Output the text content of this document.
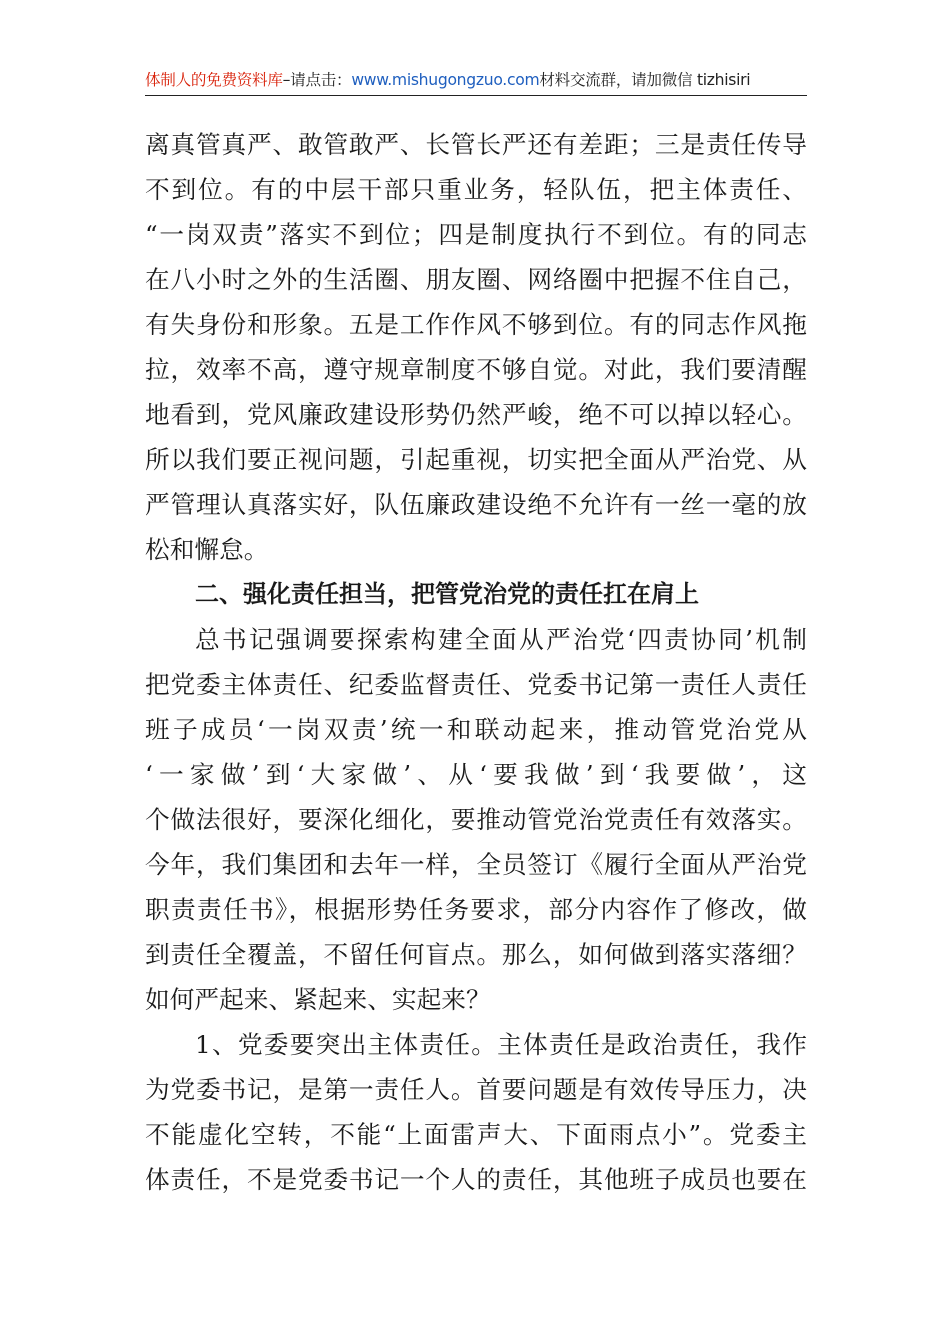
体制人的免费资料库–请点击：www.mishugongzuo.com材料交流群，请加微信 tizhisiri
离真管真严、敢管敢严、长管长严还有差距；三是责任传导
不到位。有的中层干部只重业务，轻队伍，把主体责任、
“一岗双责”落实不到位；四是制度执行不到位。有的同志
在八小时之外的生活圈、朋友圈、网络圈中把握不住自己，
有失身份和形象。五是工作作风不够到位。有的同志作风拖
拉，效率不高，遵守规章制度不够自觉。对此，我们要清醒
地看到，党风廉政建设形势仍然严峻，绝不可以掉以轻心。
所以我们要正视问题，引起重视，切实把全面从严治党、从
严管理认真落实好，队伍廉政建设绝不允许有一丝一毫的放
松和懈怠。
二、强化责任担当，把管党治党的责任扛在肩上
总书记强调要探索构建全面从严治党‘四责协同’机制
把党委主体责任、纪委监督责任、党委书记第一责任人责任
班子成员‘一岗双责’统一和联动起来，推动管党治党从
‘一家做’到‘大家做’、从‘要我做’到‘我要做’，这
个做法很好，要深化细化，要推动管党治党责任有效落实。
今年，我们集团和去年一样，全员签订《履行全面从严治党
职责责任书》，根据形势任务要求，部分内容作了修改，做
到责任全覆盖，不留任何盲点。那么，如何做到落实落细？
如何严起来、紧起来、实起来？
1、党委要突出主体责任。主体责任是政治责任，我作
为党委书记，是第一责任人。首要问题是有效传导压力，决
不能虚化空转，不能“上面雷声大、下面雨点小”。党委主
体责任，不是党委书记一个人的责任，其他班子成员也要在
